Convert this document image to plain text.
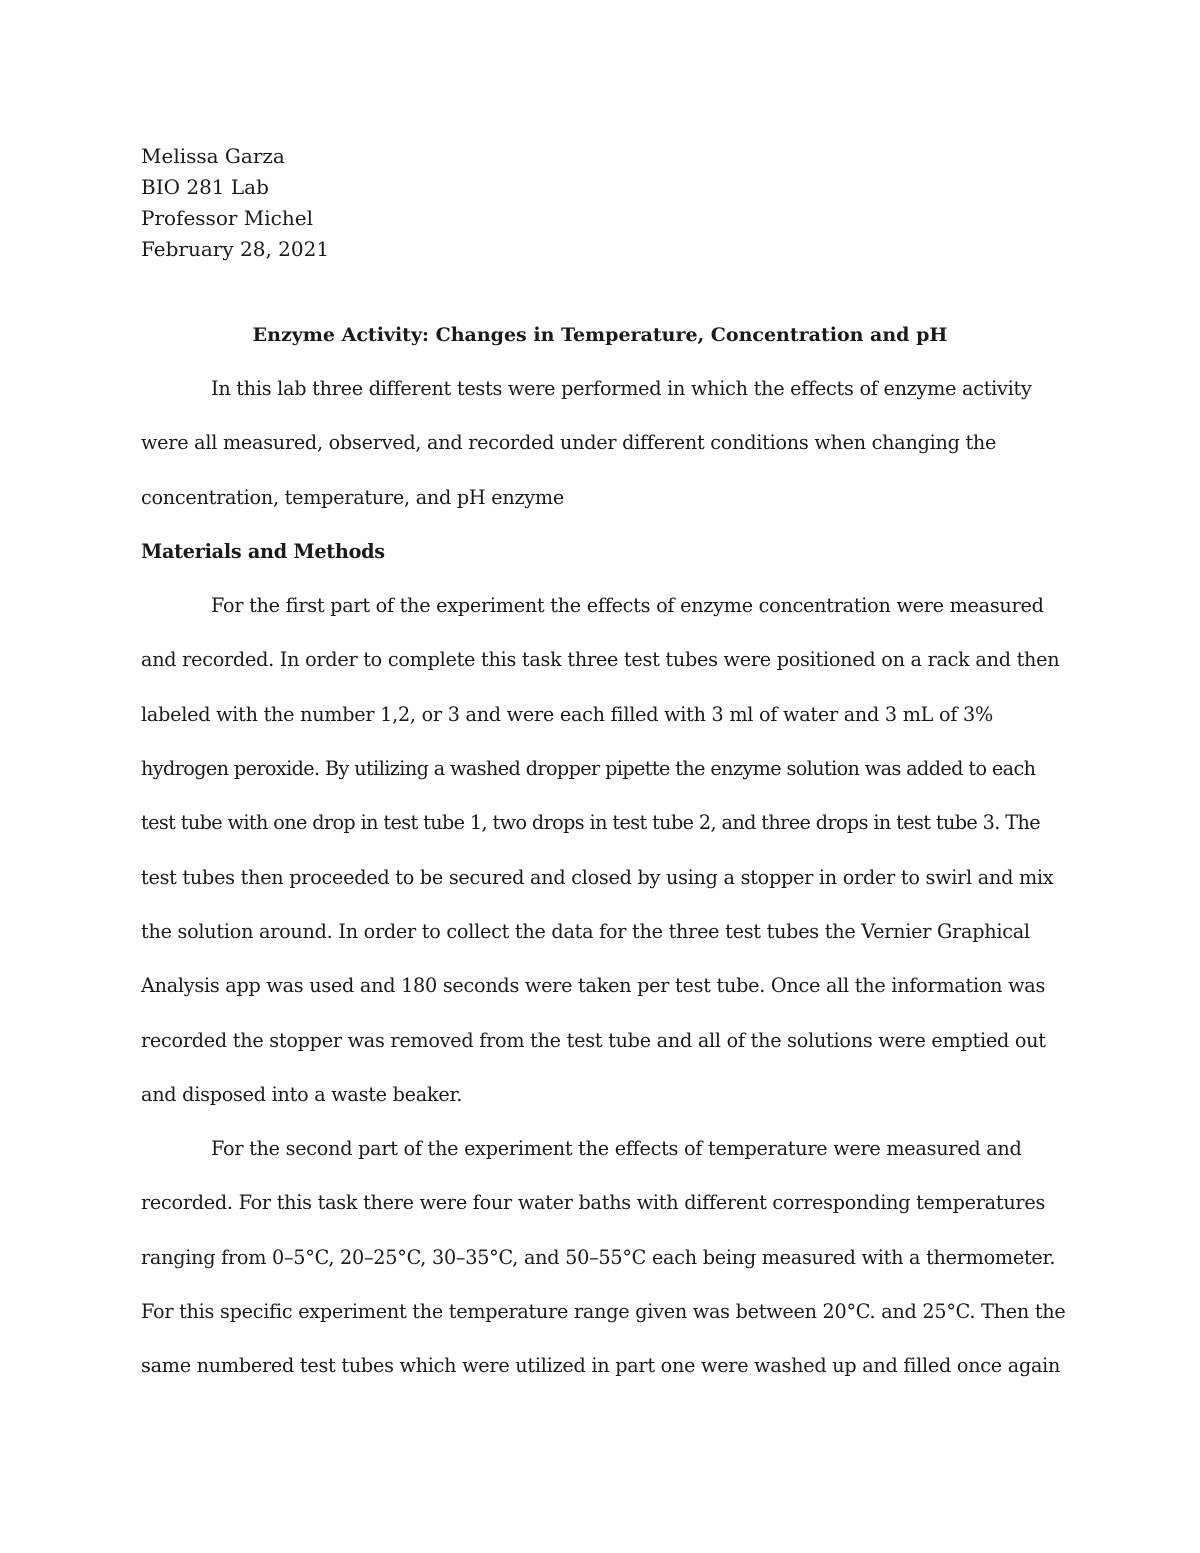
Melissa Garza
BIO 281 Lab
Professor Michel
February 28, 2021
Enzyme Activity: Changes in Temperature, Concentration and pH
In this lab three different tests were performed in which the effects of enzyme activity
were all measured, observed, and recorded under different conditions when changing the
concentration, temperature, and pH enzyme
Materials and Methods
For the first part of the experiment the effects of enzyme concentration were measured
and recorded. In order to complete this task three test tubes were positioned on a rack and then
labeled with the number 1,2, or 3 and were each filled with 3 ml of water and 3 mL of 3%
hydrogen peroxide. By utilizing a washed dropper pipette the enzyme solution was added to each
test tube with one drop in test tube 1, two drops in test tube 2, and three drops in test tube 3. The
test tubes then proceeded to be secured and closed by using a stopper in order to swirl and mix
the solution around. In order to collect the data for the three test tubes the Vernier Graphical
Analysis app was used and 180 seconds were taken per test tube. Once all the information was
recorded the stopper was removed from the test tube and all of the solutions were emptied out
and disposed into a waste beaker.
For the second part of the experiment the effects of temperature were measured and
recorded. For this task there were four water baths with different corresponding temperatures
ranging from 0–5°C, 20–25°C, 30–35°C, and 50–55°C each being measured with a thermometer.
For this specific experiment the temperature range given was between 20°C. and 25°C. Then the
same numbered test tubes which were utilized in part one were washed up and filled once again
